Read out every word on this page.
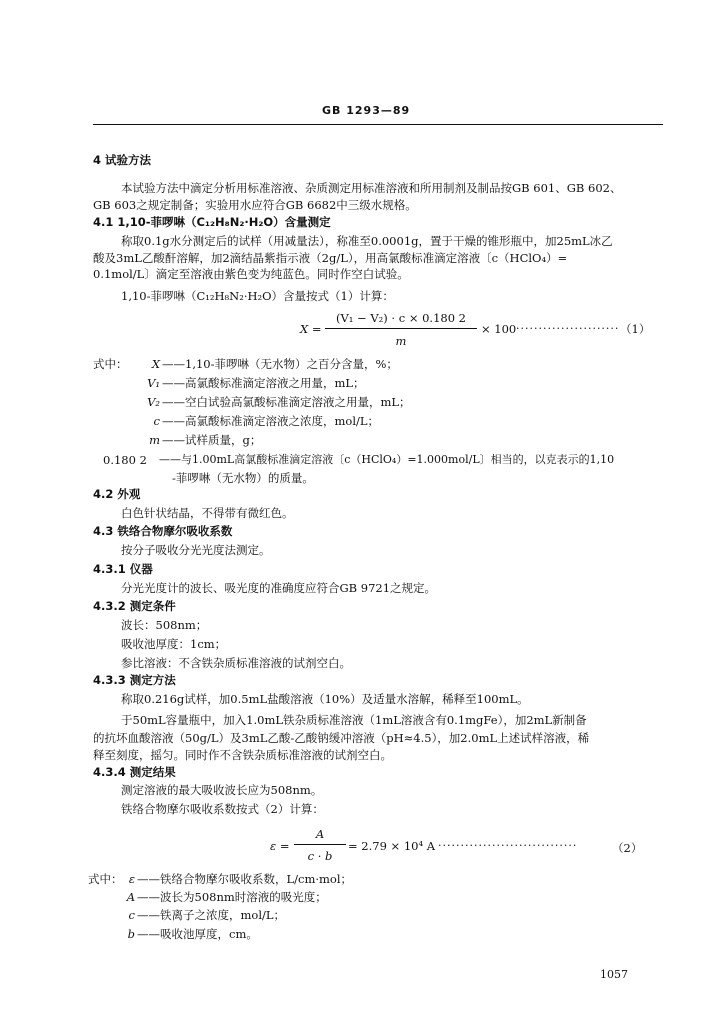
GB 1293—89
4 试验方法
本试验方法中滴定分析用标准溶液、杂质测定用标准溶液和所用制剂及制品按GB 601、GB 602、
GB 603之规定制备；实验用水应符合GB 6682中三级水规格。
4.1 1,10-菲啰啉（C₁₂H₈N₂·H₂O）含量测定
称取0.1g水分测定后的试样（用减量法），称准至0.0001g，置于干燥的锥形瓶中，加25mL冰乙
酸及3mL乙酸酐溶解，加2滴结晶紫指示液（2g/L），用高氯酸标准滴定溶液〔c（HClO₄）=
0.1mol/L〕滴定至溶液由紫色变为纯蓝色。同时作空白试验。
1,10-菲啰啉（C₁₂H₈N₂·H₂O）含量按式（1）计算：
X =
(V₁ − V₂) · c × 0.180 2
m
× 100 ······················· （1）
式中：	X ——1,10-菲啰啉（无水物）之百分含量，%；
V₁ ——高氯酸标准滴定溶液之用量，mL；
V₂ ——空白试验高氯酸标准滴定溶液之用量，mL；
c ——高氯酸标准滴定溶液之浓度，mol/L；
m ——试样质量，g；
0.180 2 ——与1.00mL高氯酸标准滴定溶液〔c（HClO₄）=1.000mol/L〕相当的，以克表示的1,10
-菲啰啉（无水物）的质量。
4.2 外观
白色针状结晶，不得带有微红色。
4.3 铁络合物摩尔吸收系数
按分子吸收分光光度法测定。
4.3.1 仪器
分光光度计的波长、吸光度的准确度应符合GB 9721之规定。
4.3.2 测定条件
波长：508nm；
吸收池厚度：1cm；
参比溶液：不含铁杂质标准溶液的试剂空白。
4.3.3 测定方法
称取0.216g试样，加0.5mL盐酸溶液（10%）及适量水溶解，稀释至100mL。
于50mL容量瓶中，加入1.0mL铁杂质标准溶液（1mL溶液含有0.1mgFe），加2mL新制备
的抗坏血酸溶液（50g/L）及3mL乙酸-乙酸钠缓冲溶液（pH≈4.5），加2.0mL上述试样溶液，稀
释至刻度，摇匀。同时作不含铁杂质标准溶液的试剂空白。
4.3.4 测定结果
测定溶液的最大吸收波长应为508nm。
铁络合物摩尔吸收系数按式（2）计算：
ε =
A
c · b
= 2.79 × 10⁴ A ·······························	（2）
式中： ε ——铁络合物摩尔吸收系数，L/cm·mol；
A ——波长为508nm时溶液的吸光度；
c ——铁离子之浓度，mol/L；
b ——吸收池厚度，cm。
1057
